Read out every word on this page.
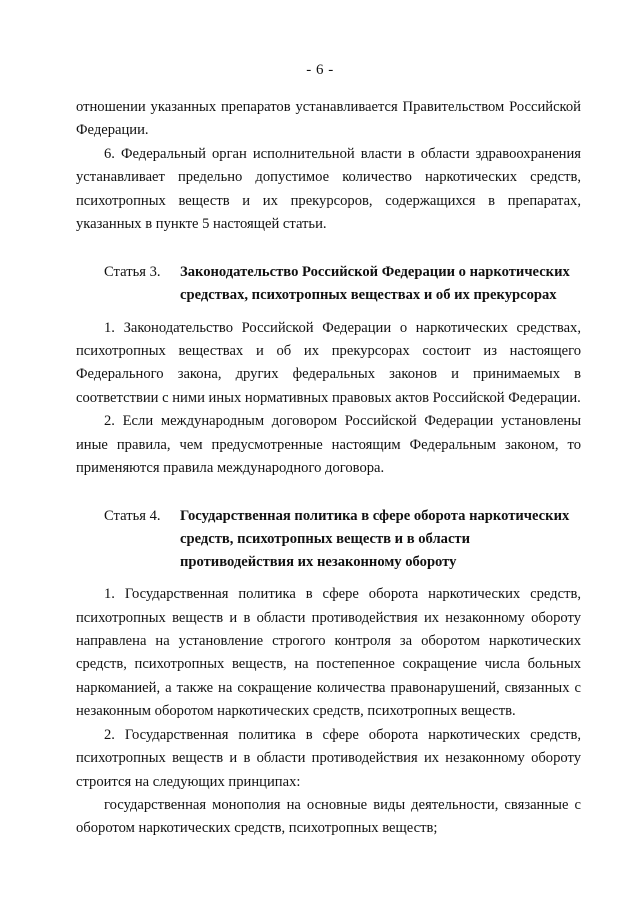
- 6 -

отношении указанных препаратов устанавливается Правительством Российской Федерации.

6. Федеральный орган исполнительной власти в области здравоохранения устанавливает предельно допустимое количество наркотических средств, психотропных веществ и их прекурсоров, содержащихся в препаратах, указанных в пункте 5 настоящей статьи.

Статья 3.	Законодательство Российской Федерации о наркотических средствах, психотропных веществах и об их прекурсорах

1. Законодательство Российской Федерации о наркотических средствах, психотропных веществах и об их прекурсорах состоит из настоящего Федерального закона, других федеральных законов и принимаемых в соответствии с ними иных нормативных правовых актов Российской Федерации.

2. Если международным договором Российской Федерации установлены иные правила, чем предусмотренные настоящим Федеральным законом, то применяются правила международного договора.

Статья 4.	Государственная политика в сфере оборота наркотических средств, психотропных веществ и в области противодействия их незаконному обороту

1. Государственная политика в сфере оборота наркотических средств, психотропных веществ и в области противодействия их незаконному обороту направлена на установление строгого контроля за оборотом наркотических средств, психотропных веществ, на постепенное сокращение числа больных наркоманией, а также на сокращение количества правонарушений, связанных с незаконным оборотом наркотических средств, психотропных веществ.

2. Государственная политика в сфере оборота наркотических средств, психотропных веществ и в области противодействия их незаконному обороту строится на следующих принципах:

государственная монополия на основные виды деятельности, связанные с оборотом наркотических средств, психотропных веществ;
